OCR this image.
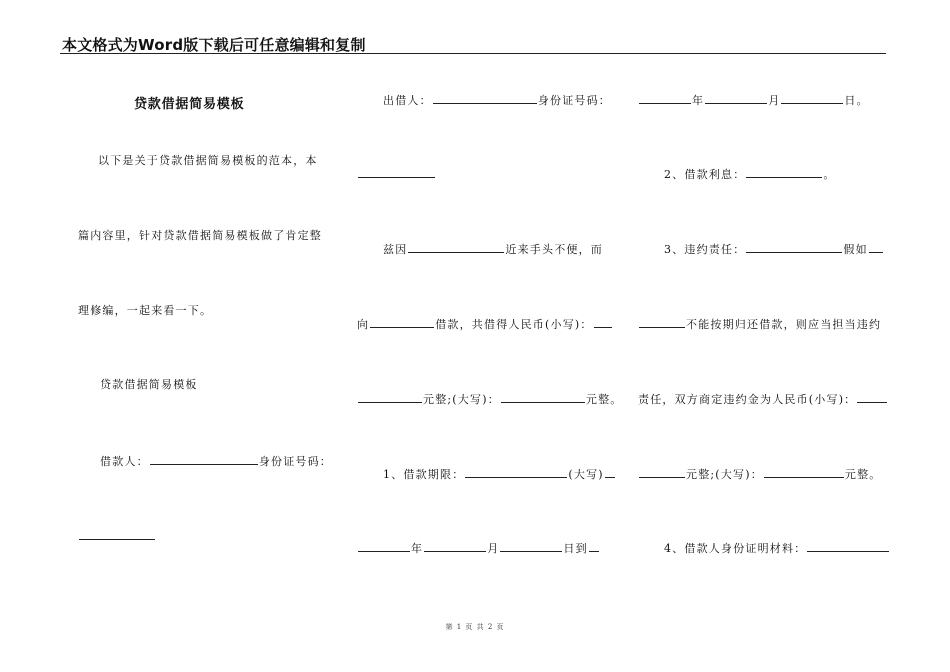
本文格式为Word版下载后可任意编辑和复制
贷款借据简易模板
以下是关于贷款借据简易模板的范本，本
篇内容里，针对贷款借据简易模板做了肯定整
理修编，一起来看一下。
贷款借据简易模板
借款人：	身份证号码：
出借人：	身份证号码：
兹因	近来手头不便，而
向	借款，共借得人民币(小写)：
元整;(大写)：	元整。
1、借款期限：	(大写)
年	月	日到
年	月	日。
2、借款利息：	。
3、违约责任：	假如
不能按期归还借款，则应当担当违约
责任，双方商定违约金为人民币(小写)：
元整;(大写)：	元整。
4、借款人身份证明材料：
第 1 页 共 2 页
